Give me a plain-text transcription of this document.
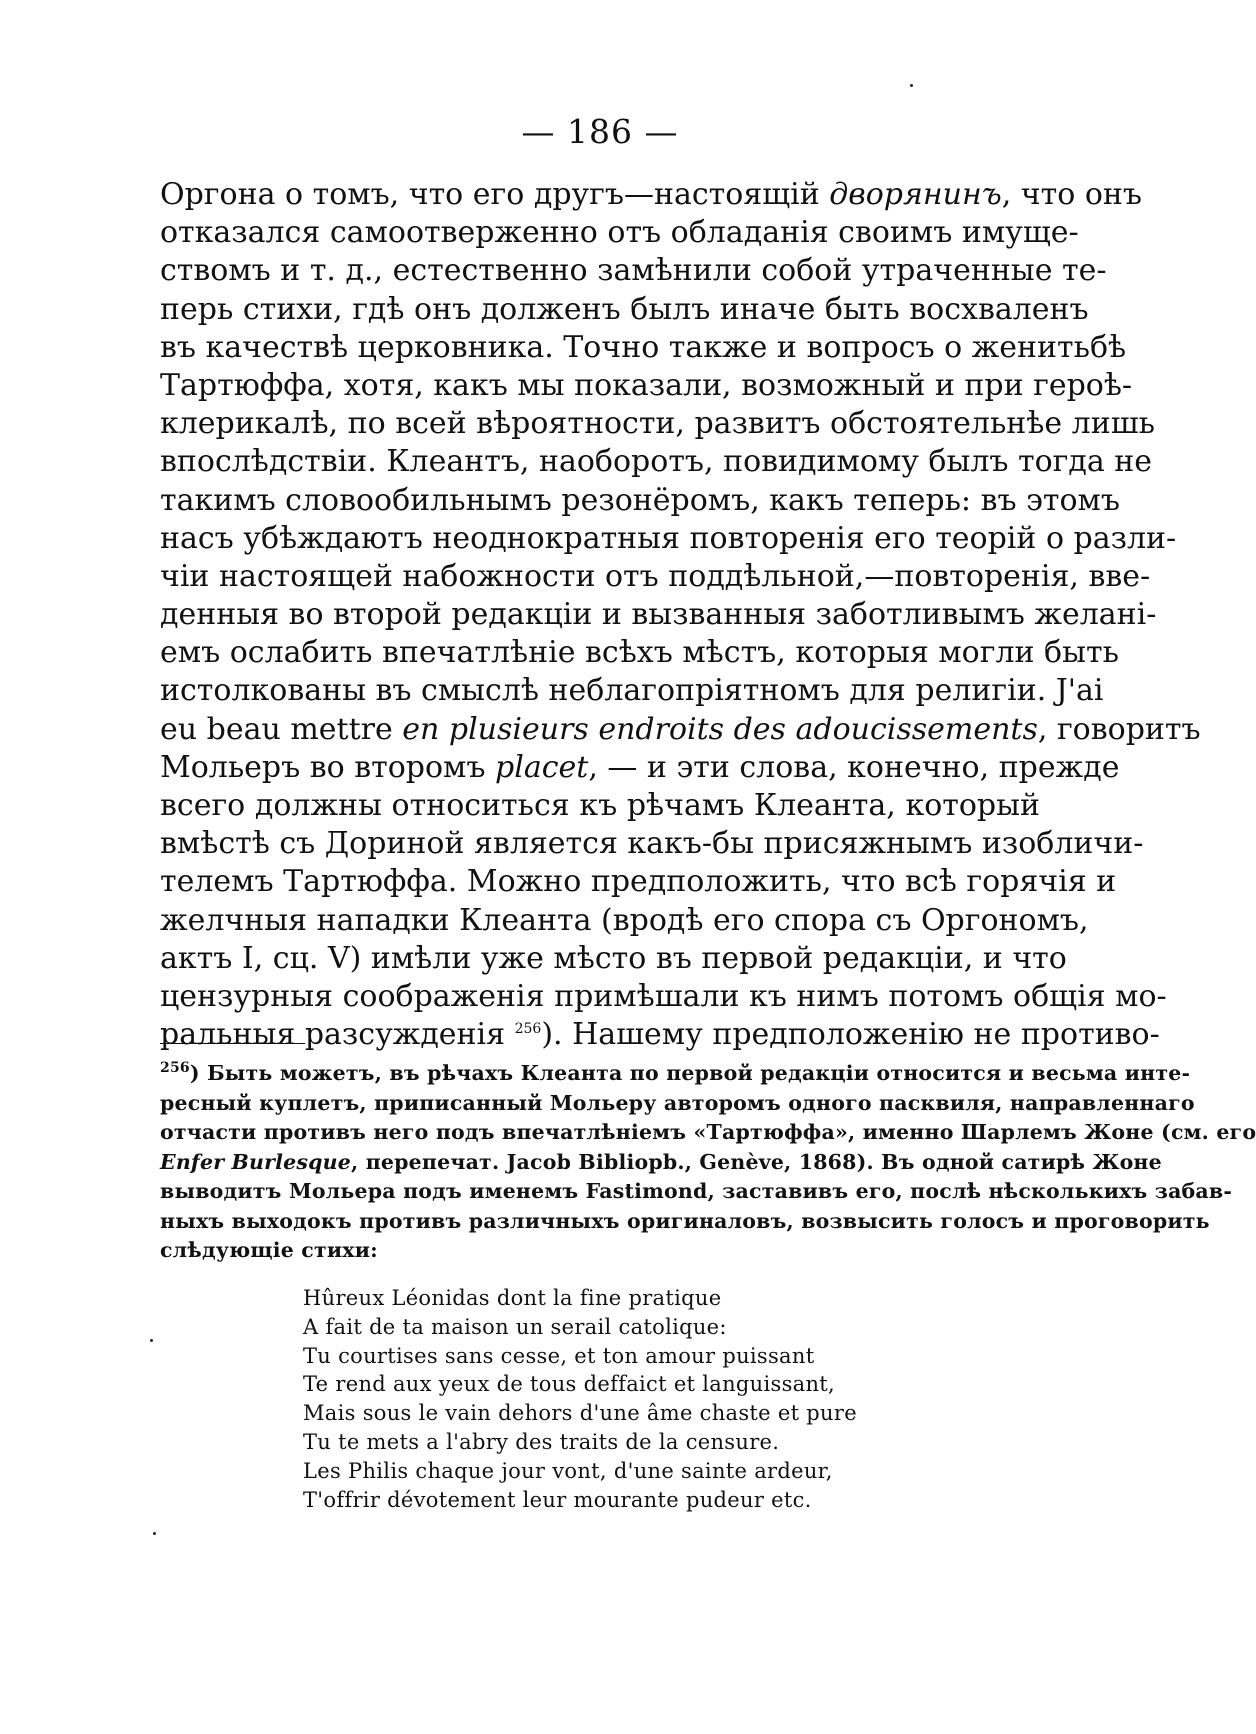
— 186 —
Оргона о томъ, что его другъ—настоящій дворянинъ, что онъ
отказался самоотверженно отъ обладанія своимъ имуще-
ствомъ и т. д., естественно замѣнили собой утраченные те-
перь стихи, гдѣ онъ долженъ былъ иначе быть восхваленъ
въ качествѣ церковника. Точно также и вопросъ о женитьбѣ
Тартюффа, хотя, какъ мы показали, возможный и при героѣ-
клерикалѣ, по всей вѣроятности, развитъ обстоятельнѣе лишь
впослѣдствіи. Клеантъ, наоборотъ, повидимому былъ тогда не
такимъ словообильнымъ резонёромъ, какъ теперь: въ этомъ
насъ убѣждаютъ неоднократныя повторенія его теорій о разли-
чіи настоящей набожности отъ поддѣльной,—повторенія, вве-
денныя во второй редакціи и вызванныя заботливымъ желані-
емъ ослабить впечатлѣніе всѣхъ мѣстъ, которыя могли быть
истолкованы въ смыслѣ неблагопріятномъ для религіи. J'ai
eu beau mettre en plusieurs endroits des adoucissements, говоритъ
Мольеръ во второмъ placet, — и эти слова, конечно, прежде
всего должны относиться къ рѣчамъ Клеанта, который
вмѣстѣ съ Дориной является какъ-бы присяжнымъ изобличи-
телемъ Тартюффа. Можно предположить, что всѣ горячія и
желчныя нападки Клеанта (вродѣ его спора съ Оргономъ,
актъ I, сц. V) имѣли уже мѣсто въ первой редакціи, и что
цензурныя соображенія примѣшали къ нимъ потомъ общія мо-
ральныя разсужденія $^{256}$). Нашему предположенію не противо-
$^{256}$) Быть можетъ, въ рѣчахъ Клеанта по первой редакціи относится и весьма инте-
ресный куплетъ, приписанный Мольеру авторомъ одного пасквиля, направленнаго
отчасти противъ него подъ впечатлѣніемъ «Тартюффа», именно Шарлемъ Жоне (см. его
Enfer Burlesque, перепечат. Jacob Bibliopb., Genève, 1868). Въ одной сатирѣ Жоне
выводитъ Мольера подъ именемъ Fastimond, заставивъ его, послѣ нѣсколькихъ забав-
ныхъ выходокъ противъ различныхъ оригиналовъ, возвысить голосъ и проговорить
слѣдующіе стихи:
Hûreux Léonidas dont la fine pratique
A fait de ta maison un serail catolique:
Tu courtises sans cesse, et ton amour puissant
Te rend aux yeux de tous deffaict et languissant,
Mais sous le vain dehors d'une âme chaste et pure
Tu te mets a l'abry des traits de la censure.
Les Philis chaque jour vont, d'une sainte ardeur,
T'offrir dévotement leur mourante pudeur etc.
